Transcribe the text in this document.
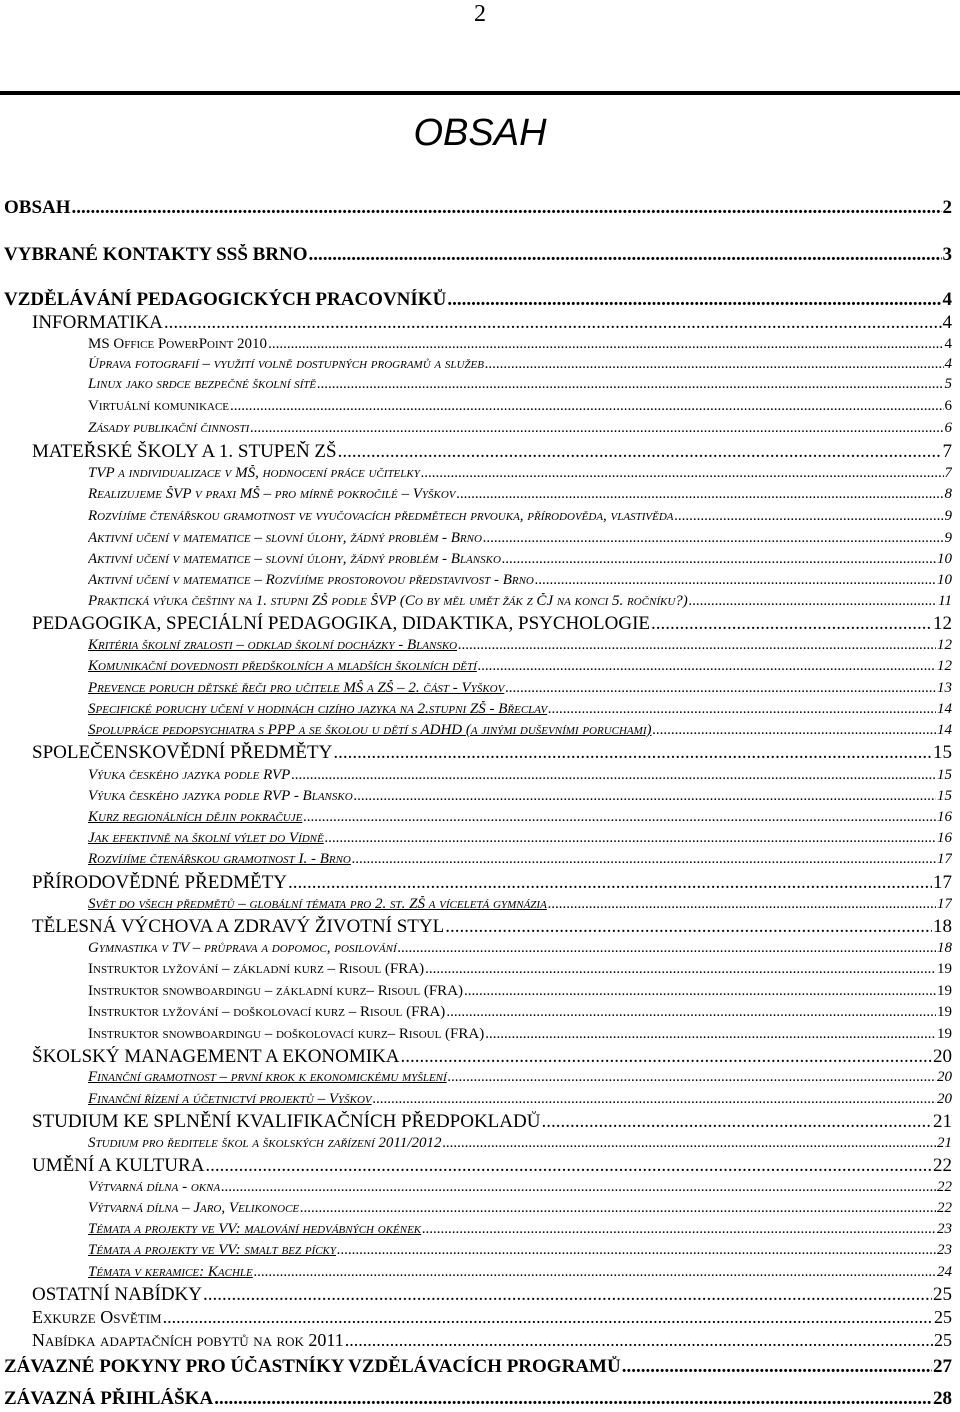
2
OBSAH
OBSAH .....	2
VYBRANÉ KONTAKTY SSŠ BRNO .....	3
VZDĚLÁVÁNÍ PEDAGOGICKÝCH PRACOVNÍKŮ .....	4
INFORMATIKA .....	4
MS Office PowerPoint 2010 .....	4
Úprava fotografií – využití volně dostupných programů a služeb .....	4
Linux jako srdce bezpečné školní sítě .....	5
Virtuální komunikace .....	6
Zásady publikační činnosti .....	6
MATEŘSKÉ ŠKOLY A 1. STUPEŇ ZŠ .....	7
TVP a individualizace v MŠ, hodnocení práce učitelky .....	7
Realizujeme ŠVP v praxi MŠ – pro mírně pokročilé – Vyškov .....	8
Rozvíjíme čtenářskou gramotnost ve vyučovacích předmětech prvouka, přírodověda, vlastivěda .....	9
Aktivní učení v matematice – slovní úlohy, žádný problém - Brno .....	9
Aktivní učení v matematice – slovní úlohy, žádný problém - Blansko .....	10
Aktivní učení v matematice – Rozvíjíme prostorovou představivost - Brno .....	10
Praktická výuka češtiny na 1. stupni ZŠ podle ŠVP (Co by měl umět žák z ČJ na konci 5. ročníku?) .....	11
PEDAGOGIKA, SPECIÁLNÍ PEDAGOGIKA, DIDAKTIKA, PSYCHOLOGIE .....	12
Kritéria školní zralosti – odklad školní docházky - Blansko .....	12
Komunikační dovednosti předškolních a mladších školních dětí .....	12
Prevence poruch dětské řeči pro učitele MŠ a ZŠ – 2. část - Vyškov .....	13
Specifické poruchy učení v hodinách cizího jazyka na 2.stupni ZŠ - Břeclav .....	14
Spolupráce pedopsychiatra s PPP a se školou u dětí s ADHD (a jinými duševními poruchami) .....	14
SPOLEČENSKOVĚDNÍ PŘEDMĚTY .....	15
Výuka českého jazyka podle RVP .....	15
Výuka českého jazyka podle RVP - Blansko .....	15
Kurz regionálních dějin pokračuje .....	16
Jak efektivně na školní výlet do Vídně .....	16
Rozvíjíme čtenářskou gramotnost I. - Brno .....	17
PŘÍRODOVĚDNÉ PŘEDMĚTY .....	17
Svět do všech předmětů – globální témata pro 2. st. ZŠ a víceletá gymnázia .....	17
TĚLESNÁ VÝCHOVA A ZDRAVÝ ŽIVOTNÍ STYL .....	18
Gymnastika v TV – průprava a dopomoc, posilování .....	18
Instruktor lyžování – základní kurz – Risoul (FRA) .....	19
Instruktor snowboardingu – základní kurz– Risoul (FRA) .....	19
Instruktor lyžování – doškolovací kurz – Risoul (FRA) .....	19
Instruktor snowboardingu – doškolovací kurz– Risoul (FRA) .....	19
ŠKOLSKÝ MANAGEMENT A EKONOMIKA .....	20
Finanční gramotnost – první krok k ekonomickému myšlení .....	20
Finanční řízení a účetnictví projektů – Vyškov .....	20
STUDIUM KE SPLNĚNÍ KVALIFIKAČNÍCH PŘEDPOKLADŮ .....	21
Studium pro ředitele škol a školských zařízení 2011/2012 .....	21
UMĚNÍ A KULTURA .....	22
Výtvarná dílna - okna .....	22
Výtvarná dílna – Jaro, Velikonoce .....	22
Témata a projekty ve VV: malování hedvábných okének .....	23
Témata a projekty ve VV: smalt bez pícky .....	23
Témata v keramice: Kachle .....	24
OSTATNÍ NABÍDKY .....	25
Exkurze Osvětim .....	25
Nabídka adaptačních pobytů na rok 2011 .....	25
ZÁVAZNÉ POKYNY PRO ÚČASTNÍKY VZDĚLÁVACÍCH PROGRAMŮ .....	27
ZÁVAZNÁ PŘIHLÁŠKA .....	28
